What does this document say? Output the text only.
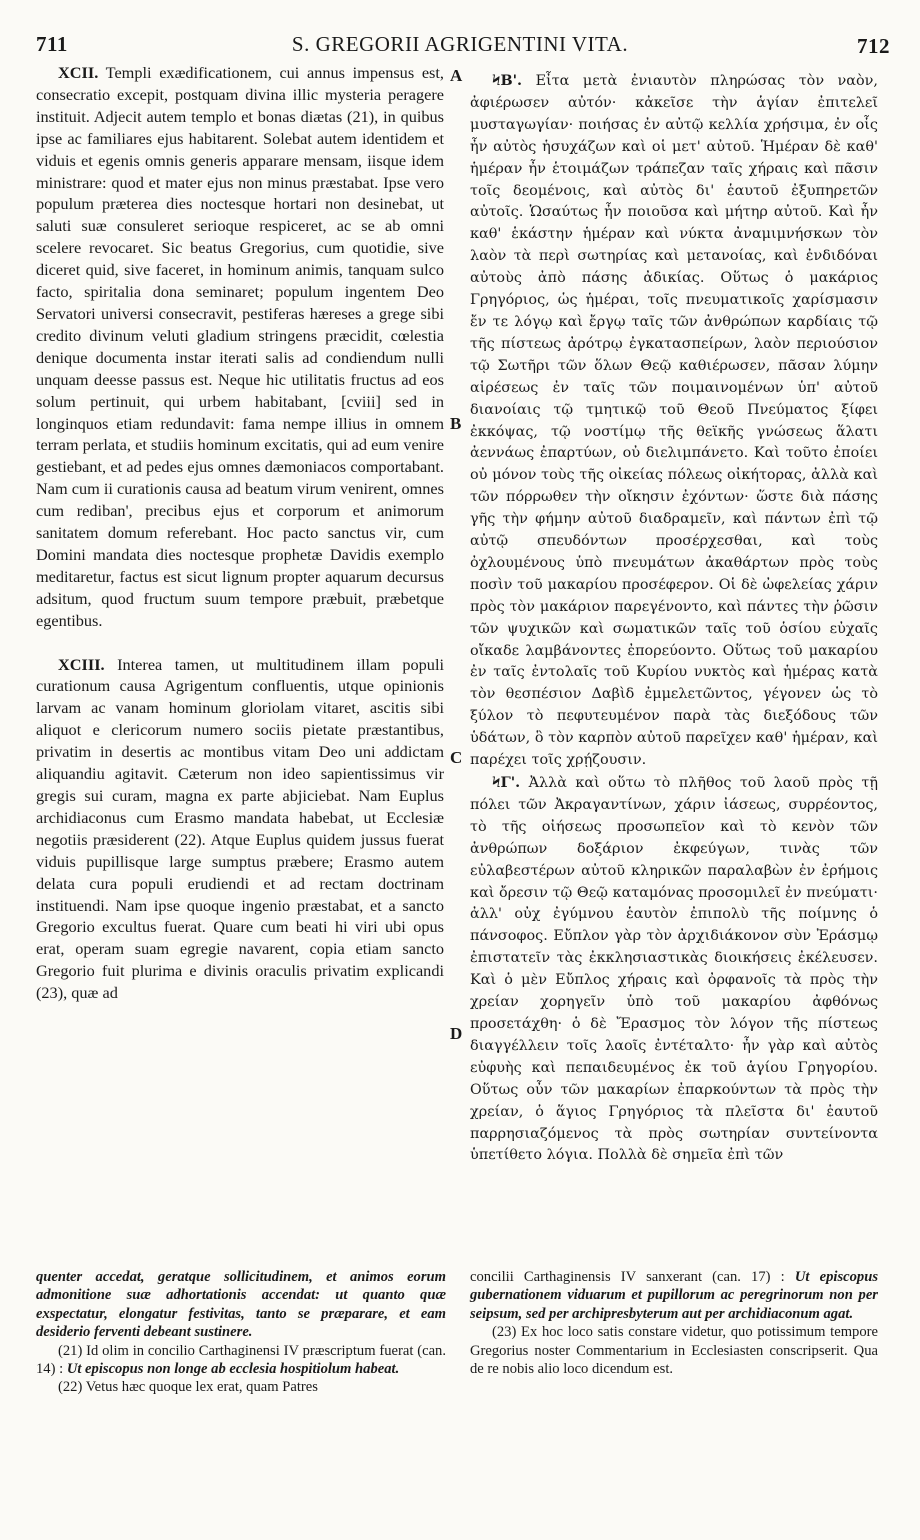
711	S. GREGORII AGRIGENTINI VITA.	712

XCII. Templi exædificationem, cui annus impensus est, consecratio excepit, postquam divina illic mysteria peragere instituit. Adjecit autem templo et bonas diætas (21), in quibus ipse ac familiares ejus habitarent. Solebat autem identidem et viduis et egenis omnis generis apparare mensam, iisque idem ministrare: quod et mater ejus non minus præstabat. Ipse vero populum præterea dies noctesque hortari non desinebat, ut saluti suæ consuleret serioque respiceret, ac se ab omni scelere revocaret. Sic beatus Gregorius, cum quotidie, sive diceret quid, sive faceret, in hominum animis, tanquam sulco facto, spiritalia dona seminaret; populum ingentem Deo Servatori universi consecravit, pestiferas hæreses a grege sibi credito divinum veluti gladium stringens præcidit, cœlestia denique documenta instar iterati salis ad condiendum nulli unquam deesse passus est. Neque hic utilitatis fructus ad eos solum pertinuit, qui urbem habitabant, [cviii] sed in longinquos etiam redundavit: fama nempe illius in omnem terram perlata, et studiis hominum excitatis, qui ad eum venire gestiebant, et ad pedes ejus omnes dæmoniacos comportabant. Nam cum ii curationis causa ad beatum virum venirent, omnes cum rediban', precibus ejus et corporum et animorum sanitatem domum referebant. Hoc pacto sanctus vir, cum Domini mandata dies noctesque prophetæ Davidis exemplo meditaretur, factus est sicut lignum propter aquarum decursus adsitum, quod fructum suum tempore præbuit, præbetque egentibus.

XCIII. Interea tamen, ut multitudinem illam populi curationum causa Agrigentum confluentis, utque opinionis larvam ac vanam hominum gloriolam vitaret, ascitis sibi aliquot e clericorum numero sociis pietate præstantibus, privatim in desertis ac montibus vitam Deo uni addictam aliquandiu agitavit. Cæterum non ideo sapientissimus vir gregis sui curam, magna ex parte abjiciebat. Nam Euplus archidiaconus cum Erasmo mandata habebat, ut Ecclesiæ negotiis præsiderent (22). Atque Euplus quidem jussus fuerat viduis pupillisque large sumptus præbere; Erasmo autem delata cura populi erudiendi et ad rectam doctrinam instituendi. Nam ipse quoque ingenio præstabat, et a sancto Gregorio excultus fuerat. Quare cum beati hi viri ubi opus erat, operam suam egregie navarent, copia etiam sancto Gregorio fuit plurima e divinis oraculis privatim explicandi (23), quæ ad

A
B
C
D

ϞΒ'. Εἶτα μετὰ ἐνιαυτὸν πληρώσας τὸν ναὸν, ἀφιέρωσεν αὐτόν· κἀκεῖσε τὴν ἁγίαν ἐπιτελεῖ μυσταγωγίαν· ποιήσας ἐν αὐτῷ κελλία χρήσιμα, ἐν οἷς ἦν αὐτὸς ἡσυχάζων καὶ οἱ μετ' αὐτοῦ. Ἡμέραν δὲ καθ' ἡμέραν ἦν ἑτοιμάζων τράπεζαν ταῖς χήραις καὶ πᾶσιν τοῖς δεομένοις, καὶ αὐτὸς δι' ἑαυτοῦ ἐξυπηρετῶν αὐτοῖς. Ὡσαύτως ἦν ποιοῦσα καὶ μήτηρ αὐτοῦ. Καὶ ἦν καθ' ἑκάστην ἡμέραν καὶ νύκτα ἀναμιμνήσκων τὸν λαὸν τὰ περὶ σωτηρίας καὶ μετανοίας, καὶ ἐνδιδόναι αὐτοὺς ἀπὸ πάσης ἀδικίας. Οὕτως ὁ μακάριος Γρηγόριος, ὡς ἡμέραι, τοῖς πνευματικοῖς χαρίσμασιν ἔν τε λόγῳ καὶ ἔργῳ ταῖς τῶν ἀνθρώπων καρδίαις τῷ τῆς πίστεως ἀρότρῳ ἐγκατασπείρων, λαὸν περιούσιον τῷ Σωτῆρι τῶν ὅλων Θεῷ καθιέρωσεν, πᾶσαν λύμην αἱρέσεως ἐν ταῖς τῶν ποιμαινομένων ὑπ' αὐτοῦ διανοίαις τῷ τμητικῷ τοῦ Θεοῦ Πνεύματος ξίφει ἐκκόψας, τῷ νοστίμῳ τῆς θεϊκῆς γνώσεως ἅλατι ἀεννάως ἐπαρτύων, οὐ διελιμπάνετο. Καὶ τοῦτο ἐποίει οὐ μόνον τοὺς τῆς οἰκείας πόλεως οἰκήτορας, ἀλλὰ καὶ τῶν πόρρωθεν τὴν οἴκησιν ἐχόντων· ὥστε διὰ πάσης γῆς τὴν φήμην αὐτοῦ διαδραμεῖν, καὶ πάντων ἐπὶ τῷ αὐτῷ σπευδόντων προσέρχεσθαι, καὶ τοὺς ὀχλουμένους ὑπὸ πνευμάτων ἀκαθάρτων πρὸς τοὺς ποσὶν τοῦ μακαρίου προσέφερον. Οἱ δὲ ὠφελείας χάριν πρὸς τὸν μακάριον παρεγένοντο, καὶ πάντες τὴν ῥῶσιν τῶν ψυχικῶν καὶ σωματικῶν ταῖς τοῦ ὁσίου εὐχαῖς οἴκαδε λαμβάνοντες ἐπορεύοντο. Οὕτως τοῦ μακαρίου ἐν ταῖς ἐντολαῖς τοῦ Κυρίου νυκτὸς καὶ ἡμέρας κατὰ τὸν θεσπέσιον Δαβὶδ ἐμμελετῶντος, γέγονεν ὡς τὸ ξύλον τὸ πεφυτευμένον παρὰ τὰς διεξόδους τῶν ὑδάτων, ὃ τὸν καρπὸν αὐτοῦ παρεῖχεν καθ' ἡμέραν, καὶ παρέχει τοῖς χρῄζουσιν.

ϞΓ'. Ἀλλὰ καὶ οὕτω τὸ πλῆθος τοῦ λαοῦ πρὸς τῇ πόλει τῶν Ἀκραγαντίνων, χάριν ἰάσεως, συρρέοντος, τὸ τῆς οἰήσεως προσωπεῖον καὶ τὸ κενὸν τῶν ἀνθρώπων δοξάριον ἐκφεύγων, τινὰς τῶν εὐλαβεστέρων αὐτοῦ κληρικῶν παραλαβὼν ἐν ἐρήμοις καὶ ὄρεσιν τῷ Θεῷ καταμόνας προσομιλεῖ ἐν πνεύματι· ἀλλ' οὐχ ἐγύμνου ἑαυτὸν ἐπιπολὺ τῆς ποίμνης ὁ πάνσοφος. Εὔπλον γὰρ τὸν ἀρχιδιάκονον σὺν Ἐράσμῳ ἐπιστατεῖν τὰς ἐκκλησιαστικὰς διοικήσεις ἐκέλευσεν. Καὶ ὁ μὲν Εὔπλος χήραις καὶ ὀρφανοῖς τὰ πρὸς τὴν χρείαν χορηγεῖν ὑπὸ τοῦ μακαρίου ἀφθόνως προσετάχθη· ὁ δὲ Ἔρασμος τὸν λόγον τῆς πίστεως διαγγέλλειν τοῖς λαοῖς ἐντέταλτο· ἦν γὰρ καὶ αὐτὸς εὐφυὴς καὶ πεπαιδευμένος ἐκ τοῦ ἁγίου Γρηγορίου. Οὕτως οὖν τῶν μακαρίων ἐπαρκούντων τὰ πρὸς τὴν χρείαν, ὁ ἅγιος Γρηγόριος τὰ πλεῖστα δι' ἑαυτοῦ παρρησιαζόμενος τὰ πρὸς σωτηρίαν συντείνοντα ὑπετίθετο λόγια. Πολλὰ δὲ σημεῖα ἐπὶ τῶν

quenter accedat, geratque sollicitudinem, et animos eorum admonitione suæ adhortationis accendat: ut quanto quæ exspectatur, elongatur festivitas, tanto se præparare, et eam desiderio ferventi debeant sustinere.

(21) Id olim in concilio Carthaginensi IV præscriptum fuerat (can. 14) : Ut episcopus non longe ab ecclesia hospitiolum habeat.

(22) Vetus hæc quoque lex erat, quam Patres

concilii Carthaginensis IV sanxerant (can. 17) : Ut episcopus gubernationem viduarum et pupillorum ac peregrinorum non per seipsum, sed per archipresbyterum aut per archidiaconum agat.

(23) Ex hoc loco satis constare videtur, quo potissimum tempore Gregorius noster Commentarium in Ecclesiasten conscripserit. Qua de re nobis alio loco dicendum est.
